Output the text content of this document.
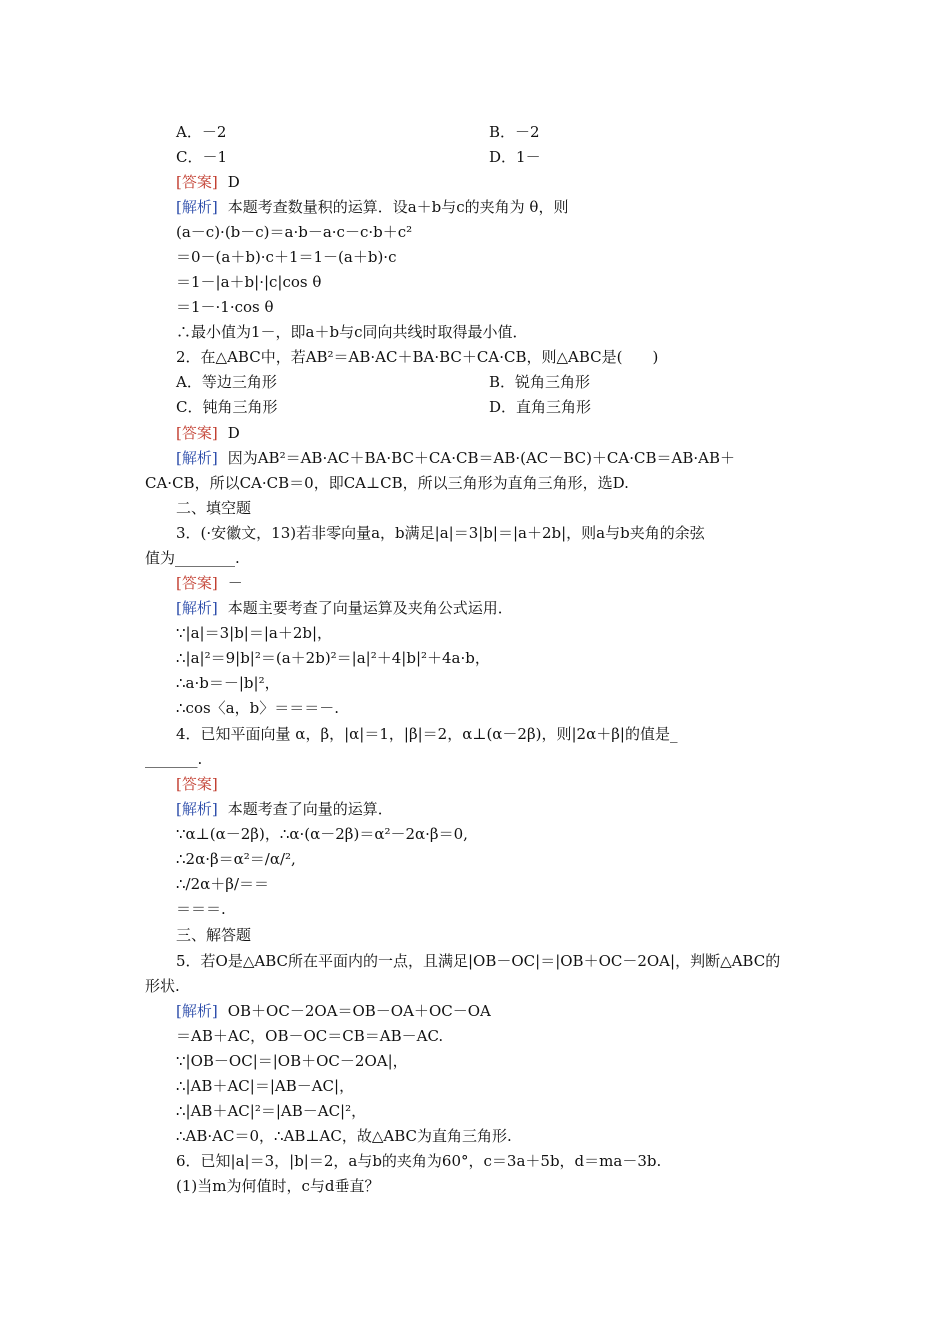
A．－2	B．－2
C．－1	D．1－
[答案] D
[解析] 本题考查数量积的运算．设a＋b与c的夹角为 θ，则
(a－c)·(b－c)＝a·b－a·c－c·b＋c²
＝0－(a＋b)·c＋1＝1－(a＋b)·c
＝1－|a＋b|·|c|cos θ
＝1－·1·cos θ
∴最小值为1－，即a＋b与c同向共线时取得最小值．
2．在△ABC中，若AB²＝AB·AC＋BA·BC＋CA·CB，则△ABC是(　　)
A．等边三角形	B．锐角三角形
C．钝角三角形	D．直角三角形
[答案] D
[解析] 因为AB²＝AB·AC＋BA·BC＋CA·CB＝AB·(AC－BC)＋CA·CB＝AB·AB＋
CA·CB，所以CA·CB＝0，即CA⊥CB，所以三角形为直角三角形，选D.
二、填空题
3．(·安徽文，13)若非零向量a，b满足|a|＝3|b|＝|a＋2b|，则a与b夹角的余弦
值为________.
[答案] －
[解析] 本题主要考查了向量运算及夹角公式运用．
∵|a|＝3|b|＝|a＋2b|，
∴|a|²＝9|b|²＝(a＋2b)²＝|a|²＋4|b|²＋4a·b，
∴a·b＝－|b|²，
∴cos〈a，b〉＝＝＝－.
4．已知平面向量 α，β，|α|＝1，|β|＝2，α⊥(α－2β)，则|2α＋β|的值是_
_______.
[答案]
[解析] 本题考查了向量的运算．
∵α⊥(α－2β)，∴α·(α－2β)＝α²－2α·β＝0,
∴2α·β＝α²＝/α/²,
∴/2α＋β/＝＝
＝＝＝.
三、解答题
5．若O是△ABC所在平面内的一点，且满足|OB－OC|＝|OB＋OC－2OA|，判断△ABC的
形状.
[解析] OB＋OC－2OA＝OB－OA＋OC－OA
＝AB＋AC，OB－OC＝CB＝AB－AC.
∵|OB－OC|＝|OB＋OC－2OA|，
∴|AB＋AC|＝|AB－AC|，
∴|AB＋AC|²＝|AB－AC|²，
∴AB·AC＝0，∴AB⊥AC，故△ABC为直角三角形.
6．已知|a|＝3，|b|＝2，a与b的夹角为60°，c＝3a＋5b，d＝ma－3b.
(1)当m为何值时，c与d垂直？
